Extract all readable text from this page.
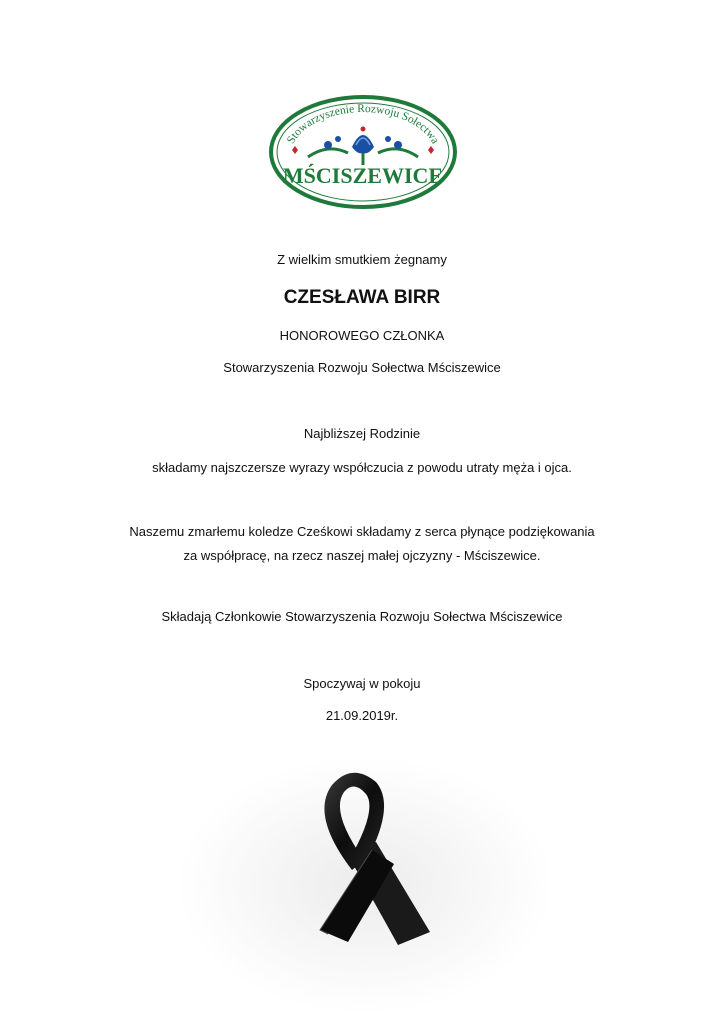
Stowarzyszenie Rozwoju Sołectwa
MŚCISZEWICE
Z wielkim smutkiem żegnamy
CZESŁAWA BIRR
HONOROWEGO CZŁONKA
Stowarzyszenia Rozwoju Sołectwa Mściszewice
Najbliższej Rodzinie
składamy najszczersze wyrazy współczucia z powodu utraty męża i ojca.
Naszemu zmarłemu koledze Cześkowi składamy z serca płynące podziękowania
za współpracę, na rzecz naszej małej ojczyzny - Mściszewice.
Składają Członkowie Stowarzyszenia Rozwoju Sołectwa Mściszewice
Spoczywaj w pokoju
21.09.2019r.
